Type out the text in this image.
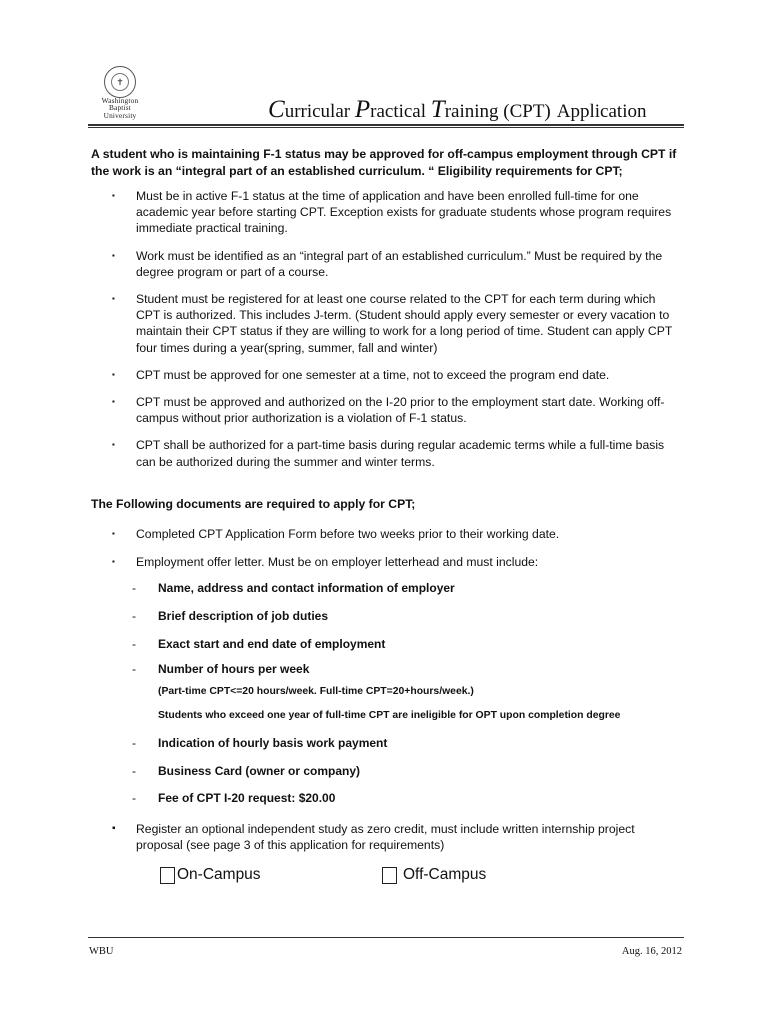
✝
Washington
Baptist
University	Curricular Practical Training (CPT) Application
A student who is maintaining F-1 status may be approved for off-campus employment through CPT if the work is an “integral part of an established curriculum. “ Eligibility requirements for CPT;
▪ Must be in active F-1 status at the time of application and have been enrolled full-time for one academic year before starting CPT. Exception exists for graduate students whose program requires immediate practical training.
▪ Work must be identified as an “integral part of an established curriculum.” Must be required by the degree program or part of a course.
▪ Student must be registered for at least one course related to the CPT for each term during which CPT is authorized. This includes J-term. (Student should apply every semester or every vacation to maintain their CPT status if they are willing to work for a long period of time. Student can apply CPT four times during a year(spring, summer, fall and winter)
▪ CPT must be approved for one semester at a time, not to exceed the program end date.
▪ CPT must be approved and authorized on the I-20 prior to the employment start date. Working off-campus without prior authorization is a violation of F-1 status.
▪ CPT shall be authorized for a part-time basis during regular academic terms while a full-time basis can be authorized during the summer and winter terms.
The Following documents are required to apply for CPT;
▪ Completed CPT Application Form before two weeks prior to their working date.
▪ Employment offer letter. Must be on employer letterhead and must include:
- Name, address and contact information of employer
- Brief description of job duties
- Exact start and end date of employment
- Number of hours per week
(Part-time CPT<=20 hours/week. Full-time CPT=20+hours/week.)
Students who exceed one year of full-time CPT are ineligible for OPT upon completion degree
- Indication of hourly basis work payment
- Business Card (owner or company)
- Fee of CPT I-20 request: $20.00
▪ Register an optional independent study as zero credit, must include written internship project proposal (see page 3 of this application for requirements)
On-Campus	Off-Campus
WBU	Aug. 16, 2012
